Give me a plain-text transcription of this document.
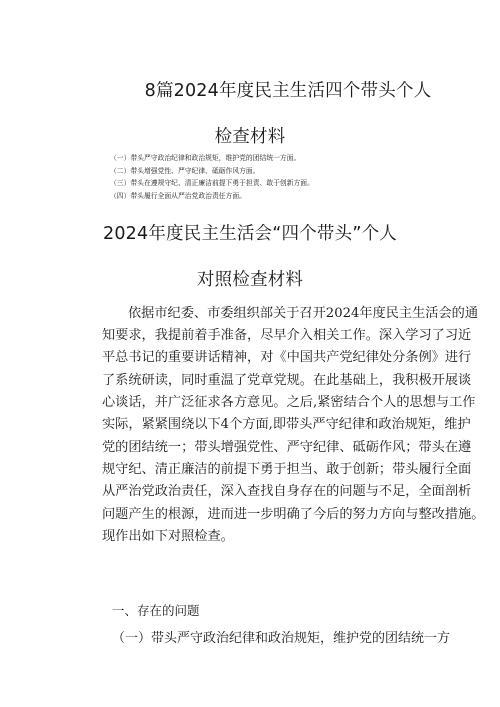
8篇2024年度民主生活四个带头个人
检查材料
（一）带头严守政治纪律和政治规矩，维护党的团结统一方面。
（二）带头增强党性、严守纪律、砥砺作风方面。
（三）带头在遵规守纪、清正廉洁前提下勇于担责、敢于创新方面。
（四）带头履行全面从严治党政治责任方面。
2024年度民主生活会“四个带头”个人
对照检查材料
依据市纪委、市委组织部关于召开2024年度民主生活会的通
知要求，我提前着手准备，尽早介入相关工作。深入学习了习近
平总书记的重要讲话精神，对《中国共产党纪律处分条例》进行
了系统研读，同时重温了党章党规。在此基础上，我积极开展谈
心谈话，并广泛征求各方意见。之后,紧密结合个人的思想与工作
实际，紧紧围绕以下4个方面,即带头严守纪律和政治规矩，维护
党的团结统一；带头增强党性、严守纪律、砥砺作风；带头在遵
规守纪、清正廉洁的前提下勇于担当、敢于创新；带头履行全面
从严治党政治责任，深入查找自身存在的问题与不足，全面剖析
问题产生的根源，进而进一步明确了今后的努力方向与整改措施。
现作出如下对照检查。
一、存在的问题
（一）带头严守政治纪律和政治规矩，维护党的团结统一方
